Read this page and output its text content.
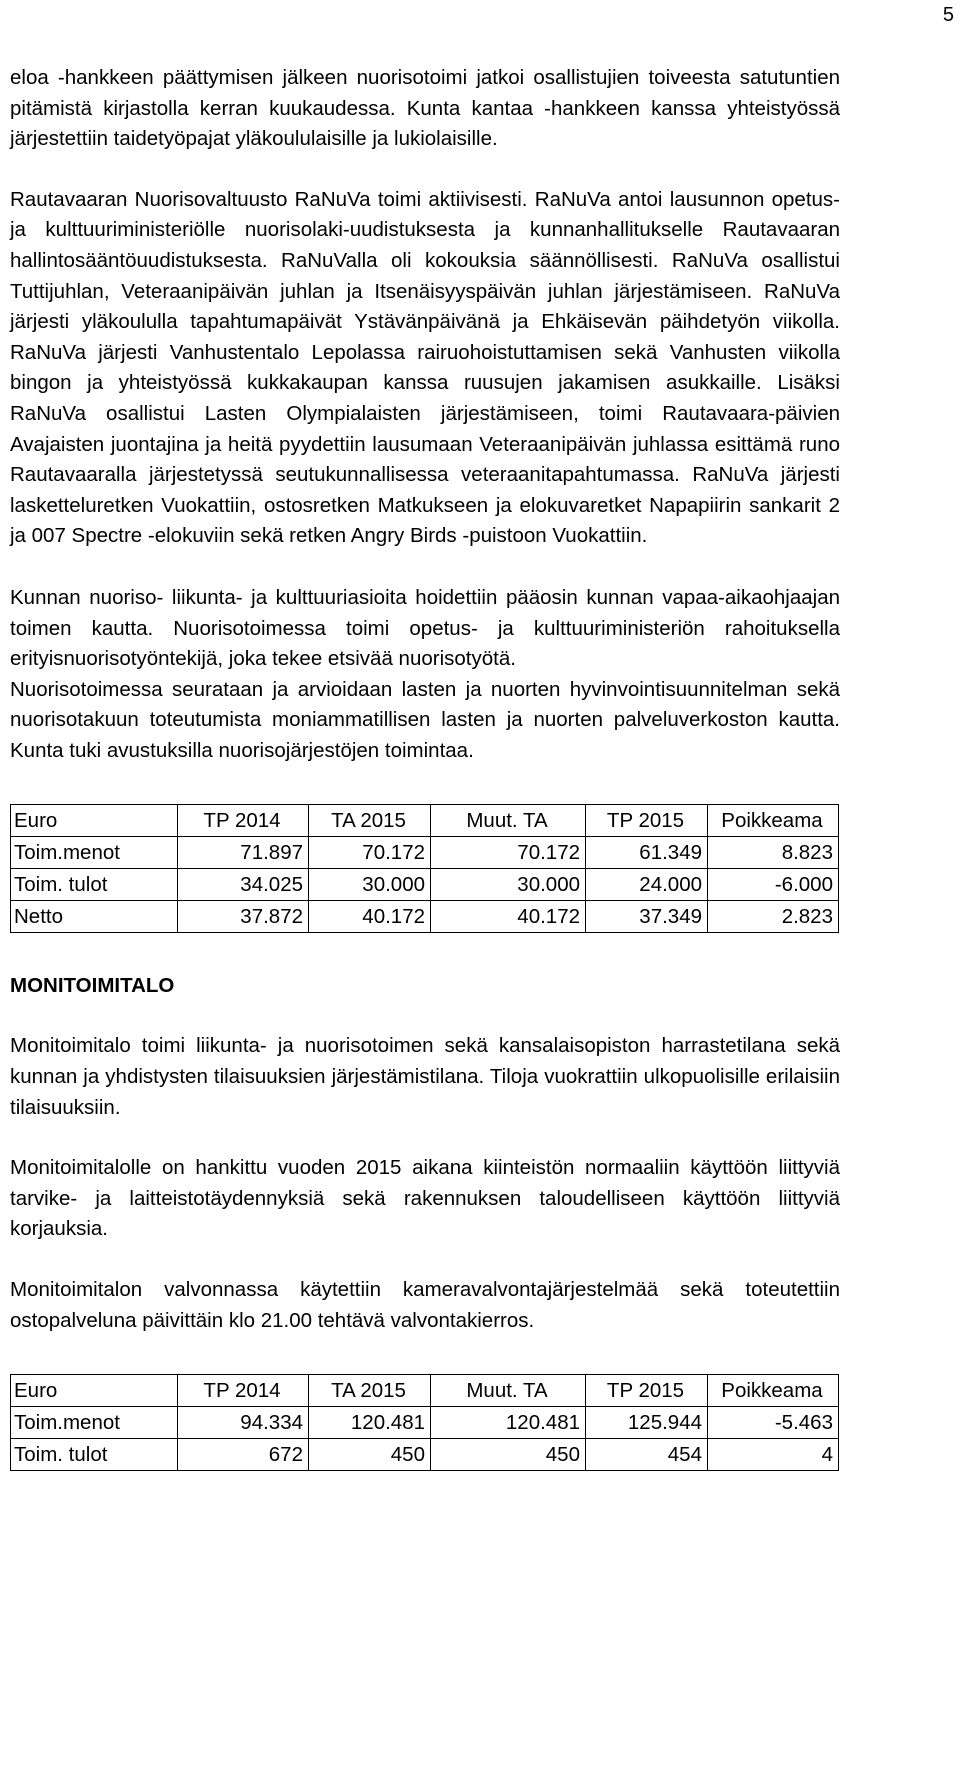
5

eloa -hankkeen päättymisen jälkeen nuorisotoimi jatkoi osallistujien toiveesta satutuntien pitämistä kirjastolla kerran kuukaudessa. Kunta kantaa -hankkeen kanssa yhteistyössä järjestettiin taidetyöpajat yläkoululaisille ja lukiolaisille.

Rautavaaran Nuorisovaltuusto RaNuVa toimi aktiivisesti. RaNuVa antoi lausunnon opetus- ja kulttuuriministeriölle nuorisolaki-uudistuksesta ja kunnanhallitukselle Rautavaaran hallintosääntöuudistuksesta. RaNuValla oli kokouksia säännöllisesti. RaNuVa osallistui Tuttijuhlan, Veteraanipäivän juhlan ja Itsenäisyyspäivän juhlan järjestämiseen. RaNuVa järjesti yläkoululla tapahtumapäivät Ystävänpäivänä ja Ehkäisevän päihdetyön viikolla. RaNuVa järjesti Vanhustentalo Lepolassa rairuohoistuttamisen sekä Vanhusten viikolla bingon ja yhteistyössä kukkakaupan kanssa ruusujen jakamisen asukkaille. Lisäksi RaNuVa osallistui Lasten Olympialaisten järjestämiseen, toimi Rautavaara-päivien Avajaisten juontajina ja heitä pyydettiin lausumaan Veteraanipäivän juhlassa esittämä runo Rautavaaralla järjestetyssä seutukunnallisessa veteraanitapahtumassa. RaNuVa järjesti lasketteluretken Vuokattiin, ostosretken Matkukseen ja elokuvaretket Napapiirin sankarit 2 ja 007 Spectre -elokuviin sekä retken Angry Birds -puistoon Vuokattiin.

Kunnan nuoriso- liikunta- ja kulttuuriasioita hoidettiin pääosin kunnan vapaa-aikaohjaajan toimen kautta. Nuorisotoimessa toimi opetus- ja kulttuuriministeriön rahoituksella erityisnuorisotyöntekijä, joka tekee etsivää nuorisotyötä.

Nuorisotoimessa seurataan ja arvioidaan lasten ja nuorten hyvinvointisuunnitelman sekä nuorisotakuun toteutumista moniammatillisen lasten ja nuorten palveluverkoston kautta. Kunta tuki avustuksilla nuorisojärjestöjen toimintaa.

Euro	TP 2014	TA 2015	Muut. TA	TP 2015	Poikkeama
Toim.menot	71.897	70.172	70.172	61.349	8.823
Toim. tulot	34.025	30.000	30.000	24.000	-6.000
Netto	37.872	40.172	40.172	37.349	2.823
MONITOIMITALO

Monitoimitalo toimi liikunta- ja nuorisotoimen sekä kansalaisopiston harrastetilana sekä kunnan ja yhdistysten tilaisuuksien järjestämistilana. Tiloja vuokrattiin ulkopuolisille erilaisiin tilaisuuksiin.

Monitoimitalolle on hankittu vuoden 2015 aikana kiinteistön normaaliin käyttöön liittyviä tarvike- ja laitteistotäydennyksiä sekä rakennuksen taloudelliseen käyttöön liittyviä korjauksia.

Monitoimitalon valvonnassa käytettiin kameravalvontajärjestelmää sekä toteutettiin ostopalveluna päivittäin klo 21.00 tehtävä valvontakierros.

Euro	TP 2014	TA 2015	Muut. TA	TP 2015	Poikkeama
Toim.menot	94.334	120.481	120.481	125.944	-5.463
Toim. tulot	672	450	450	454	4
